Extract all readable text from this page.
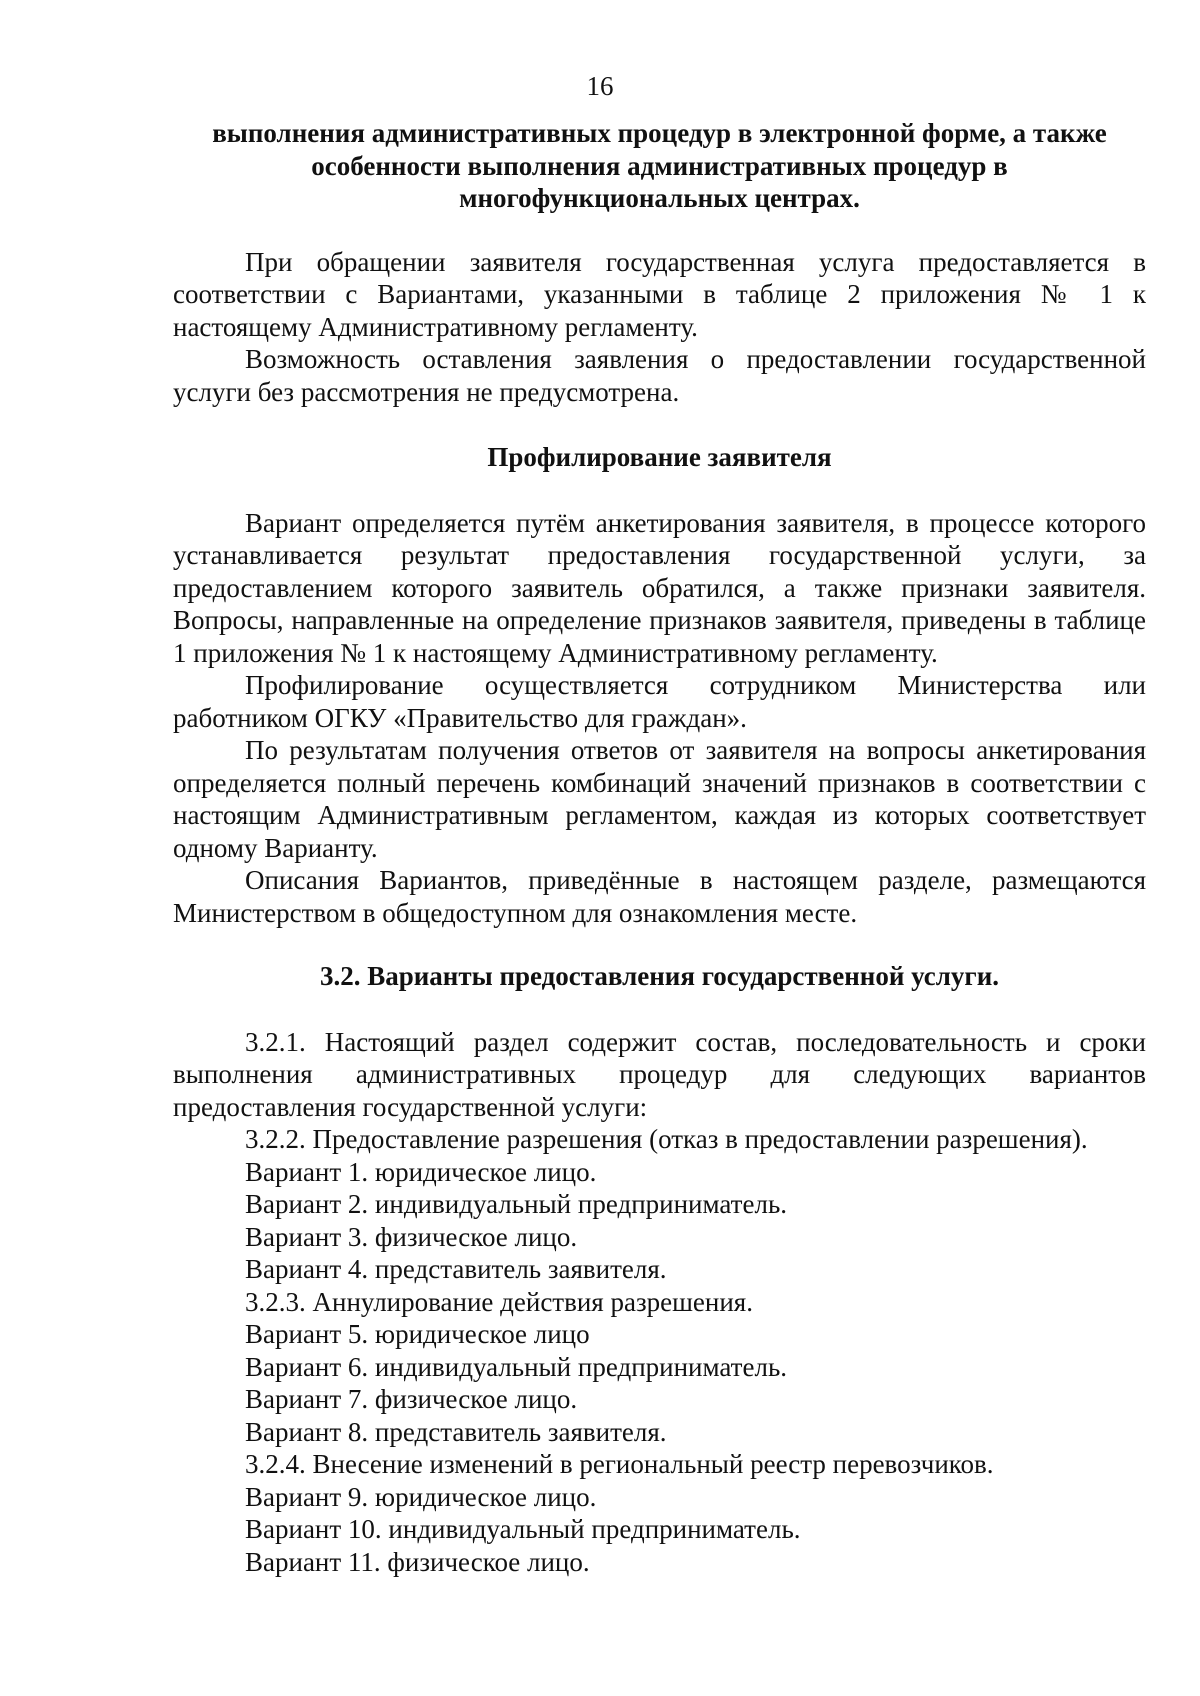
16

выполнения административных процедур в электронной форме, а также особенности выполнения административных процедур в многофункциональных центрах.

При обращении заявителя государственная услуга предоставляется в соответствии с Вариантами, указанными в таблице 2 приложения № 1 к настоящему Административному регламенту.

Возможность оставления заявления о предоставлении государственной услуги без рассмотрения не предусмотрена.

Профилирование заявителя

Вариант определяется путём анкетирования заявителя, в процессе которого устанавливается результат предоставления государственной услуги, за предоставлением которого заявитель обратился, а также признаки заявителя. Вопросы, направленные на определение признаков заявителя, приведены в таблице 1 приложения № 1 к настоящему Административному регламенту.

Профилирование осуществляется сотрудником Министерства или работником ОГКУ «Правительство для граждан».

По результатам получения ответов от заявителя на вопросы анкетирования определяется полный перечень комбинаций значений признаков в соответствии с настоящим Административным регламентом, каждая из которых соответствует одному Варианту.

Описания Вариантов, приведённые в настоящем разделе, размещаются Министерством в общедоступном для ознакомления месте.

3.2. Варианты предоставления государственной услуги.

3.2.1. Настоящий раздел содержит состав, последовательность и сроки выполнения административных процедур для следующих вариантов предоставления государственной услуги:

3.2.2. Предоставление разрешения (отказ в предоставлении разрешения).

Вариант 1. юридическое лицо.

Вариант 2. индивидуальный предприниматель.

Вариант 3. физическое лицо.

Вариант 4. представитель заявителя.

3.2.3. Аннулирование действия разрешения.

Вариант 5. юридическое лицо

Вариант 6. индивидуальный предприниматель.

Вариант 7. физическое лицо.

Вариант 8. представитель заявителя.

3.2.4. Внесение изменений в региональный реестр перевозчиков.

Вариант 9. юридическое лицо.

Вариант 10. индивидуальный предприниматель.

Вариант 11. физическое лицо.
